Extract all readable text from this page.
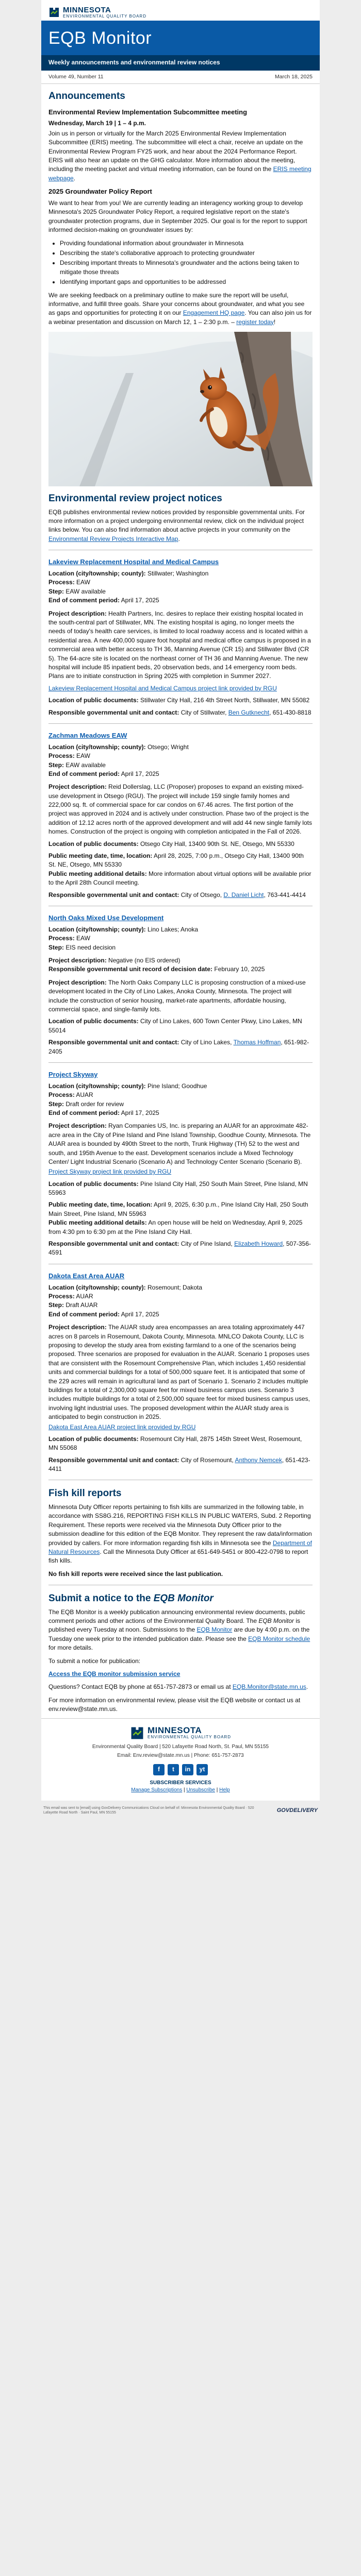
MINNESOTA
ENVIRONMENTAL QUALITY BOARD
EQB Monitor
Weekly announcements and environmental review notices
Volume 49, Number 11	March 18, 2025
Announcements
Environmental Review Implementation Subcommittee meeting

Wednesday, March 19 | 1 – 4 p.m.

Join us in person or virtually for the March 2025 Environmental Review Implementation Subcommittee (ERIS) meeting. The subcommittee will elect a chair, receive an update on the Environmental Review Program FY25 work, and hear about the 2024 Performance Report. ERIS will also hear an update on the GHG calculator. More information about the meeting, including the meeting packet and virtual meeting information, can be found on the ERIS meeting webpage.

2025 Groundwater Policy Report

We want to hear from you! We are currently leading an interagency working group to develop Minnesota's 2025 Groundwater Policy Report, a required legislative report on the state's groundwater protection programs, due in September 2025. Our goal is for the report to support informed decision-making on groundwater issues by:

• Providing foundational information about groundwater in Minnesota
• Describing the state's collaborative approach to protecting groundwater
• Describing important threats to Minnesota's groundwater and the actions being taken to mitigate those threats
• Identifying important gaps and opportunities to be addressed

We are seeking feedback on a preliminary outline to make sure the report will be useful, informative, and fulfill three goals. Share your concerns about groundwater, and what you see as gaps and opportunities for protecting it on our Engagement HQ page. You can also join us for a webinar presentation and discussion on March 12, 1 – 2:30 p.m. – register today!

Environmental review project notices

EQB publishes environmental review notices provided by responsible governmental units. For more information on a project undergoing environmental review, click on the individual project links below. You can also find information about active projects in your community on the Environmental Review Projects Interactive Map.

Lakeview Replacement Hospital and Medical Campus

Location (city/township; county): Stillwater; Washington

Process: EAW

Step: EAW available

End of comment period: April 17, 2025

Project description: Health Partners, Inc. desires to replace their existing hospital located in the south-central part of Stillwater, MN. The existing hospital is aging, no longer meets the needs of today's health care services, is limited to local roadway access and is located within a residential area. A new 400,000 square foot hospital and medical office campus is proposed in a commercial area with better access to TH 36, Manning Avenue (CR 15) and Stillwater Blvd (CR 5). The 64-acre site is located on the northeast corner of TH 36 and Manning Avenue. The new hospital will include 85 inpatient beds, 20 observation beds, and 14 emergency room beds. Plans are to initiate construction in Spring 2025 with completion in Summer 2027.

Lakeview Replacement Hospital and Medical Campus project link provided by RGU

Location of public documents: Stillwater City Hall, 216 4th Street North, Stillwater, MN 55082

Responsible governmental unit and contact: City of Stillwater, Ben Gutknecht, 651-430-8818

Zachman Meadows EAW

Location (city/township; county): Otsego; Wright

Process: EAW

Step: EAW available

End of comment period: April 17, 2025

Project description: Reid Dollerslag, LLC (Proposer) proposes to expand an existing mixed-use development in Otsego (RGU). The project will include 159 single family homes and 222,000 sq. ft. of commercial space for car condos on 67.46 acres. The first portion of the project was approved in 2024 and is actively under construction. Phase two of the project is the addition of 12.12 acres north of the approved development and will add 44 new single family lots homes. Construction of the project is ongoing with completion anticipated in the Fall of 2026.

Location of public documents: Otsego City Hall, 13400 90th St. NE, Otsego, MN 55330

Public meeting date, time, location: April 28, 2025, 7:00 p.m., Otsego City Hall, 13400 90th St. NE, Otsego, MN 55330

Public meeting additional details: More information about virtual options will be available prior to the April 28th Council meeting.

Responsible governmental unit and contact: City of Otsego, D. Daniel Licht, 763-441-4414

North Oaks Mixed Use Development

Location (city/township; county): Lino Lakes; Anoka

Process: EAW

Step: EIS need decision

Project description: Negative (no EIS ordered)

Responsible governmental unit record of decision date: February 10, 2025

Project description: The North Oaks Company LLC is proposing construction of a mixed-use development located in the City of Lino Lakes, Anoka County, Minnesota. The project will include the construction of senior housing, market-rate apartments, affordable housing, commercial space, and single-family lots.

Location of public documents: City of Lino Lakes, 600 Town Center Pkwy, Lino Lakes, MN 55014

Responsible governmental unit and contact: City of Lino Lakes, Thomas Hoffman, 651-982-2405

Project Skyway

Location (city/township; county): Pine Island; Goodhue

Process: AUAR

Step: Draft order for review

End of comment period: April 17, 2025

Project description: Ryan Companies US, Inc. is preparing an AUAR for an approximate 482-acre area in the City of Pine Island and Pine Island Township, Goodhue County, Minnesota. The AUAR area is bounded by 490th Street to the north, Trunk Highway (TH) 52 to the west and south, and 195th Avenue to the east. Development scenarios include a Mixed Technology Center/ Light Industrial Scenario (Scenario A) and Technology Center Scenario (Scenario B).

Project Skyway project link provided by RGU

Location of public documents: Pine Island City Hall, 250 South Main Street, Pine Island, MN 55963

Public meeting date, time, location: April 9, 2025, 6:30 p.m., Pine Island City Hall, 250 South Main Street, Pine Island, MN 55963

Public meeting additional details: An open house will be held on Wednesday, April 9, 2025 from 4:30 pm to 6:30 pm at the Pine Island City Hall.

Responsible governmental unit and contact: City of Pine Island, Elizabeth Howard, 507-356-4591

Dakota East Area AUAR

Location (city/township; county): Rosemount; Dakota

Process: AUAR

Step: Draft AUAR

End of comment period: April 17, 2025

Project description: The AUAR study area encompasses an area totaling approximately 447 acres on 8 parcels in Rosemount, Dakota County, Minnesota. MNLCO Dakota County, LLC is proposing to develop the study area from existing farmland to a one of the scenarios being proposed. Three scenarios are proposed for evaluation in the AUAR. Scenario 1 proposes uses that are consistent with the Rosemount Comprehensive Plan, which includes 1,450 residential units and commercial buildings for a total of 500,000 square feet. It is anticipated that some of the 229 acres will remain in agricultural land as part of Scenario 1. Scenario 2 includes multiple buildings for a total of 2,300,000 square feet for mixed business campus uses. Scenario 3 includes multiple buildings for a total of 2,500,000 square feet for mixed business campus uses, involving light industrial uses. The proposed development within the AUAR study area is anticipated to begin construction in 2025.

Dakota East Area AUAR project link provided by RGU

Location of public documents: Rosemount City Hall, 2875 145th Street West, Rosemount, MN 55068

Responsible governmental unit and contact: City of Rosemount, Anthony Nemcek, 651-423-4411

Fish kill reports

Minnesota Duty Officer reports pertaining to fish kills are summarized in the following table, in accordance with SS8G.216, REPORTING FISH KILLS IN PUBLIC WATERS, Subd. 2 Reporting Requirement. These reports were received via the Minnesota Duty Officer prior to the submission deadline for this edition of the EQB Monitor. They represent the raw data/information provided by callers. For more information regarding fish kills in Minnesota see the Department of Natural Resources. Call the Minnesota Duty Officer at 651-649-5451 or 800-422-0798 to report fish kills.

No fish kill reports were received since the last publication.

Submit a notice to the EQB Monitor

The EQB Monitor is a weekly publication announcing environmental review documents, public comment periods and other actions of the Environmental Quality Board. The EQB Monitor is published every Tuesday at noon. Submissions to the EQB Monitor are due by 4:00 p.m. on the Tuesday one week prior to the intended publication date. Please see the EQB Monitor schedule for more details.

To submit a notice for publication:

Access the EQB monitor submission service

Questions? Contact EQB by phone at 651-757-2873 or email us at EQB.Monitor@state.mn.us.

For more information on environmental review, please visit the EQB website or contact us at env.review@state.mn.us.

MINNESOTA
ENVIRONMENTAL QUALITY BOARD

Environmental Quality Board | 520 Lafayette Road North, St. Paul, MN 55155

Email: Env.review@state.mn.us | Phone: 651-757-2873

f	t	in	yt
SUBSCRIBER SERVICES
Manage Subscriptions | Unsubscribe | Help
This email was sent to [email] using GovDelivery Communications Cloud on behalf of: Minnesota Environmental Quality Board · 520 Lafayette Road North · Saint Paul, MN 55155	GOVDELIVERY
